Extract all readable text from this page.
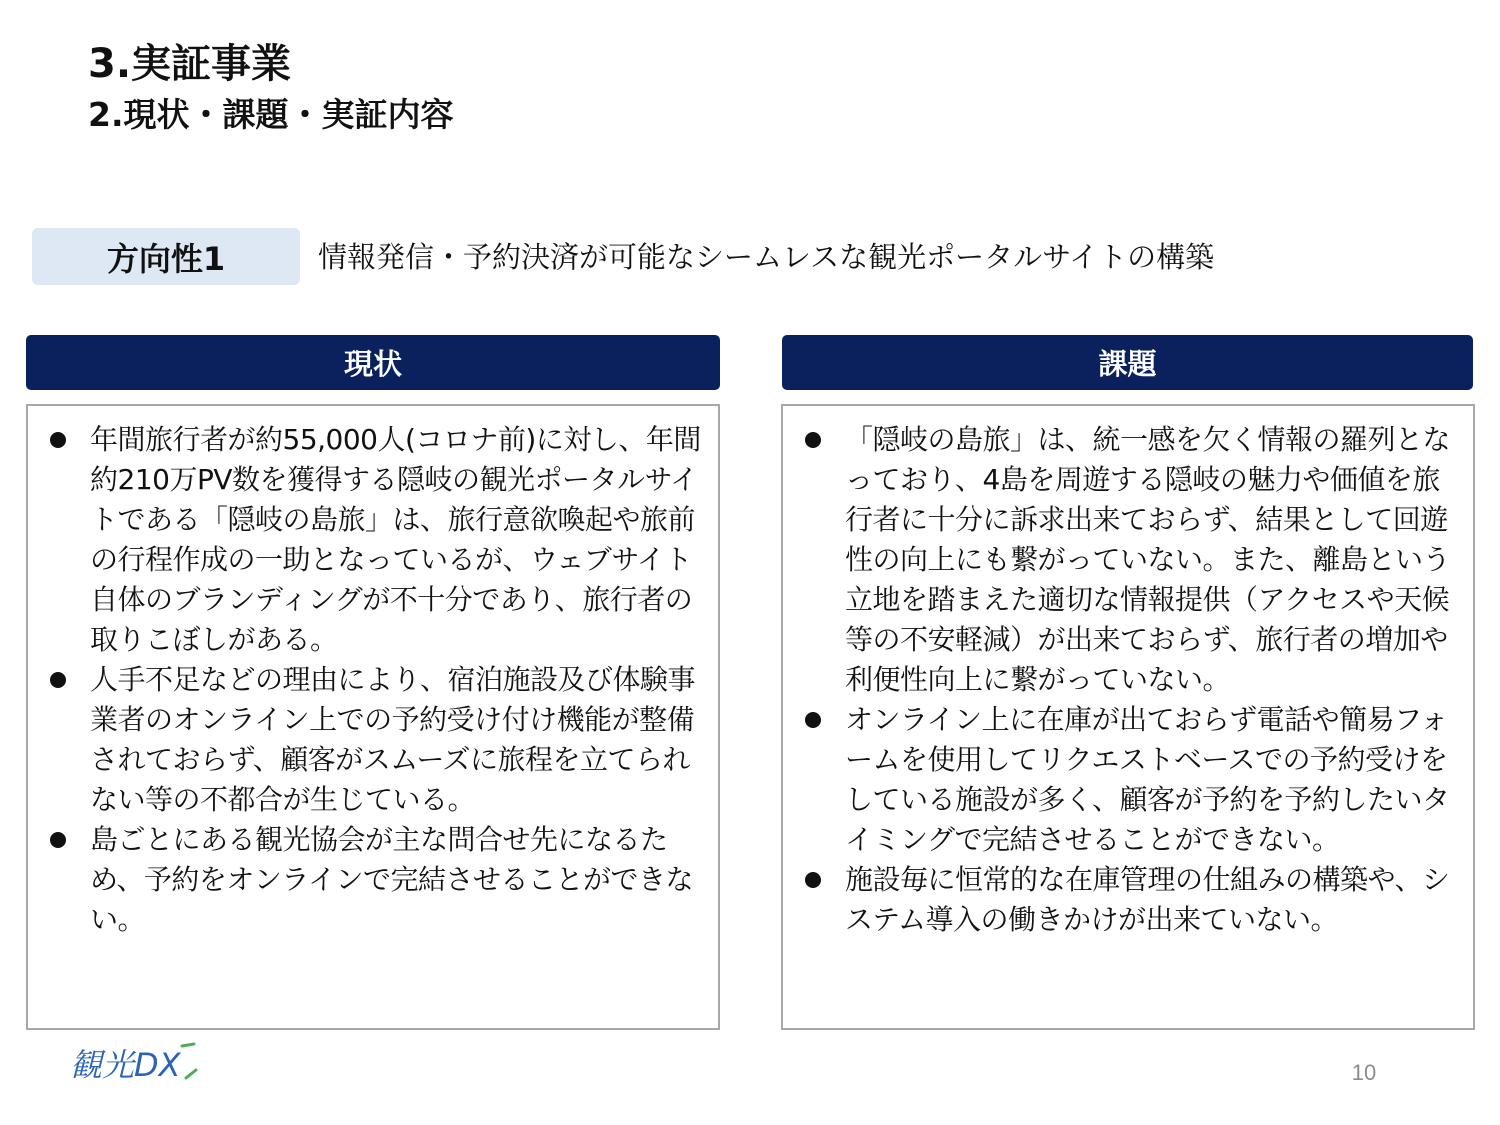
3.実証事業
2.現状・課題・実証内容
方向性1	情報発信・予約決済が可能なシームレスな観光ポータルサイトの構築
現状	課題
年間旅行者が約55,000人(コロナ前)に対し、年間約210万PV数を獲得する隠岐の観光ポータルサイトである「隠岐の島旅」は、旅行意欲喚起や旅前の行程作成の一助となっているが、ウェブサイト自体のブランディングが不十分であり、旅行者の取りこぼしがある。
人手不足などの理由により、宿泊施設及び体験事業者のオンライン上での予約受け付け機能が整備されておらず、顧客がスムーズに旅程を立てられない等の不都合が生じている。
島ごとにある観光協会が主な問合せ先になるため、予約をオンラインで完結させることができない。
「隠岐の島旅」は、統一感を欠く情報の羅列となっており、4島を周遊する隠岐の魅力や価値を旅行者に十分に訴求出来ておらず、結果として回遊性の向上にも繋がっていない。また、離島という立地を踏まえた適切な情報提供（アクセスや天候等の不安軽減）が出来ておらず、旅行者の増加や利便性向上に繋がっていない。
オンライン上に在庫が出ておらず電話や簡易フォームを使用してリクエストベースでの予約受けをしている施設が多く、顧客が予約を予約したいタイミングで完結させることができない。
施設毎に恒常的な在庫管理の仕組みの構築や、システム導入の働きかけが出来ていない。
観光DX	10
